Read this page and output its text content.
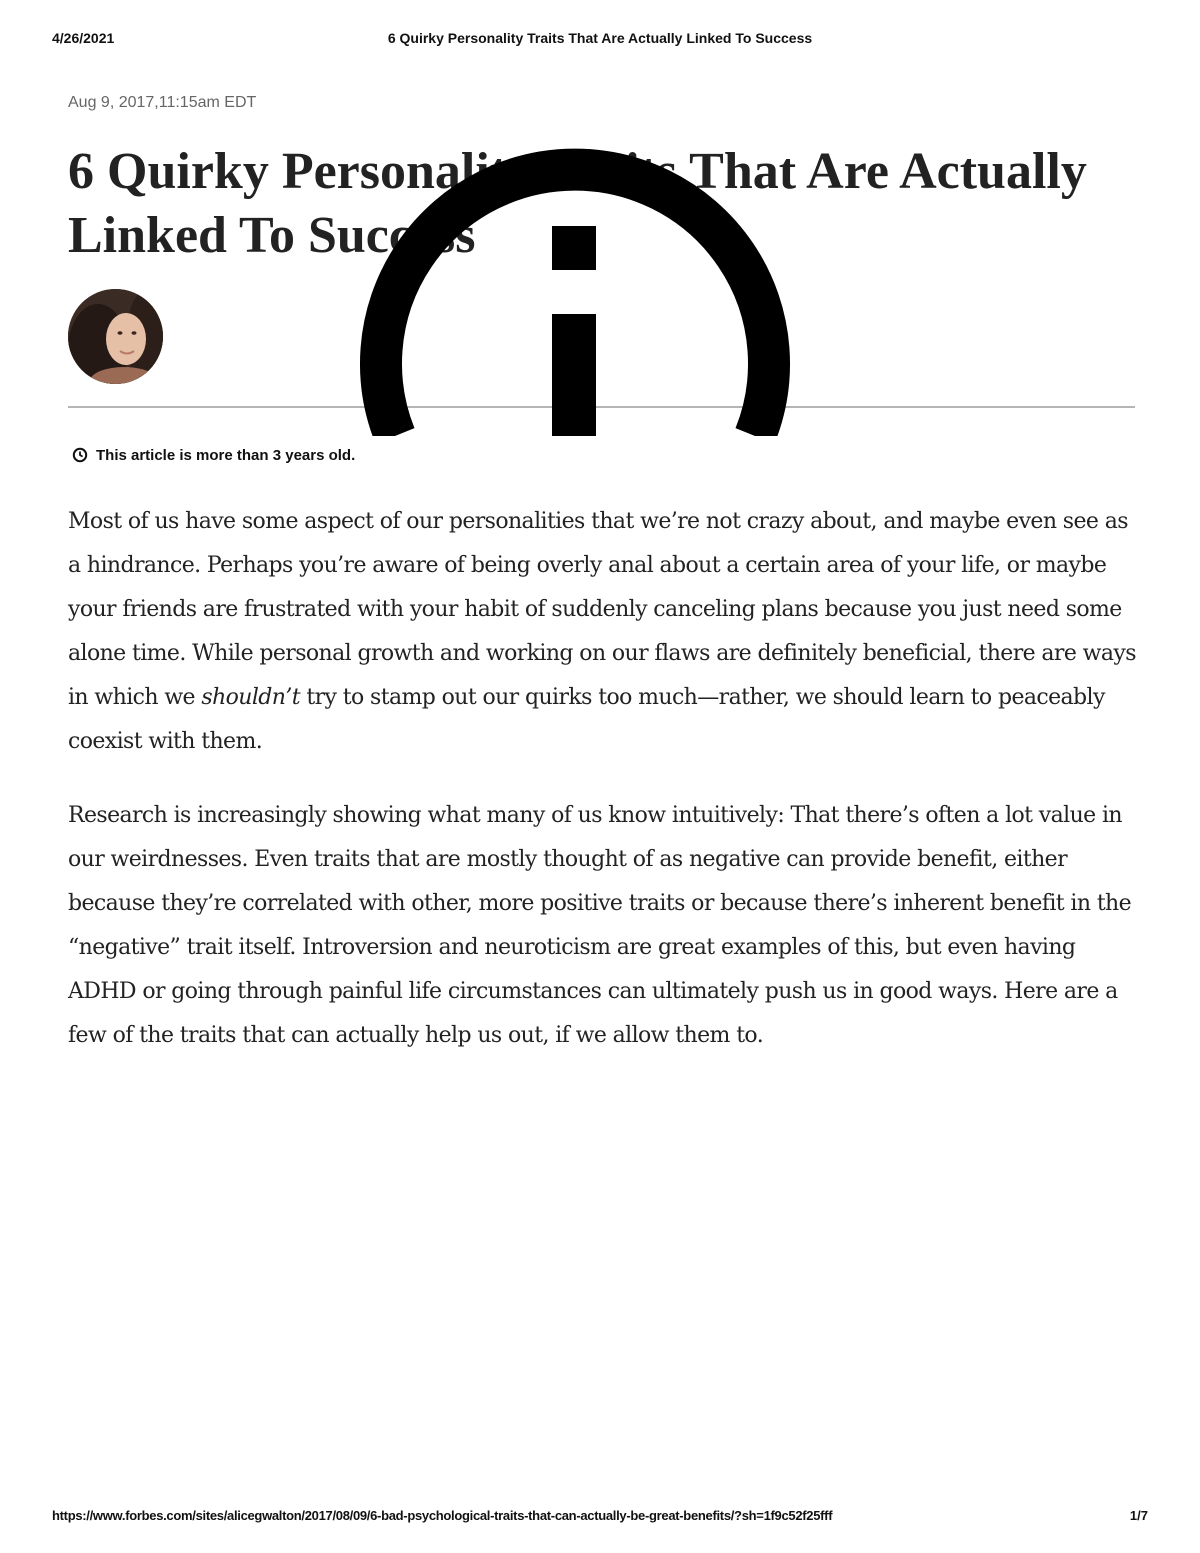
4/26/2021	6 Quirky Personality Traits That Are Actually Linked To Success
Aug 9, 2017,11:15am EDT
6 Quirky Personality Traits That Are Actually Linked To Success
This article is more than 3 years old.

Most of us have some aspect of our personalities that we’re not crazy about, and maybe even see as a hindrance. Perhaps you’re aware of being overly anal about a certain area of your life, or maybe your friends are frustrated with your habit of suddenly canceling plans because you just need some alone time. While personal growth and working on our flaws are definitely beneficial, there are ways in which we shouldn’t try to stamp out our quirks too much—rather, we should learn to peaceably coexist with them.

Research is increasingly showing what many of us know intuitively: That there’s often a lot value in our weirdnesses. Even traits that are mostly thought of as negative can provide benefit, either because they’re correlated with other, more positive traits or because there’s inherent benefit in the “negative” trait itself. Introversion and neuroticism are great examples of this, but even having ADHD or going through painful life circumstances can ultimately push us in good ways. Here are a few of the traits that can actually help us out, if we allow them to.

https://www.forbes.com/sites/alicegwalton/2017/08/09/6-bad-psychological-traits-that-can-actually-be-great-benefits/?sh=1f9c52f25fff	1/7
